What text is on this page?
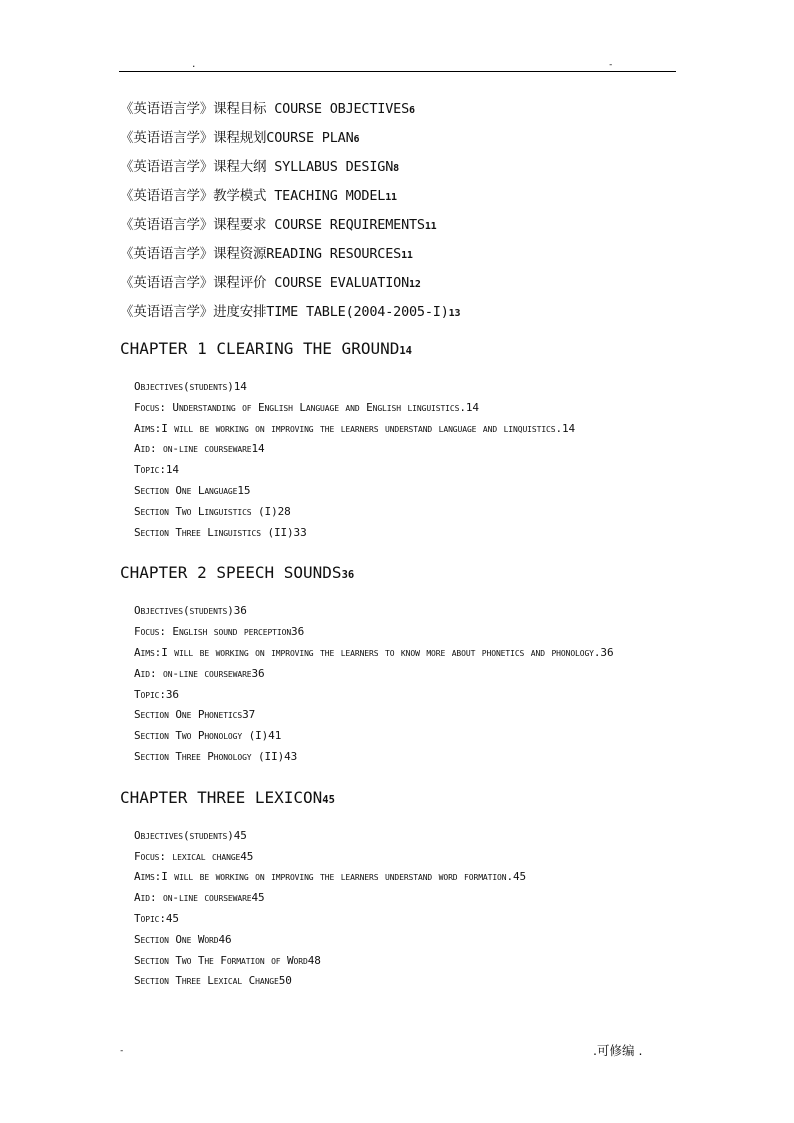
.	-
《英语语言学》课程目标 COURSE OBJECTIVES6
《英语语言学》课程规划COURSE PLAN6
《英语语言学》课程大纲 SYLLABUS DESIGN8
《英语语言学》教学模式 TEACHING MODEL11
《英语语言学》课程要求 COURSE REQUIREMENTS11
《英语语言学》课程资源READING RESOURCES11
《英语语言学》课程评价 COURSE EVALUATION12
《英语语言学》进度安排TIME TABLE(2004-2005-I)13
CHAPTER 1 CLEARING THE GROUND14
Objectives(students)14
Focus: Understanding of English Language and English linguistics.14
Aims:I will be working on improving the learners understand language and linquistics.14
Aid: on-line courseware14
Topic:14
Section One Language15
Section Two Linguistics (I)28
Section Three Linguistics (II)33
CHAPTER 2 SPEECH SOUNDS36
Objectives(students)36
Focus: English sound perception36
Aims:I will be working on improving the learners to know more about phonetics and phonology.36
Aid: on-line courseware36
Topic:36
Section One Phonetics37
Section Two Phonology (I)41
Section Three Phonology (II)43
CHAPTER THREE LEXICON45
Objectives(students)45
Focus: lexical change45
Aims:I will be working on improving the learners understand word formation.45
Aid: on-line courseware45
Topic:45
Section One Word46
Section Two The Formation of Word48
Section Three Lexical Change50
-	.可修编 .
